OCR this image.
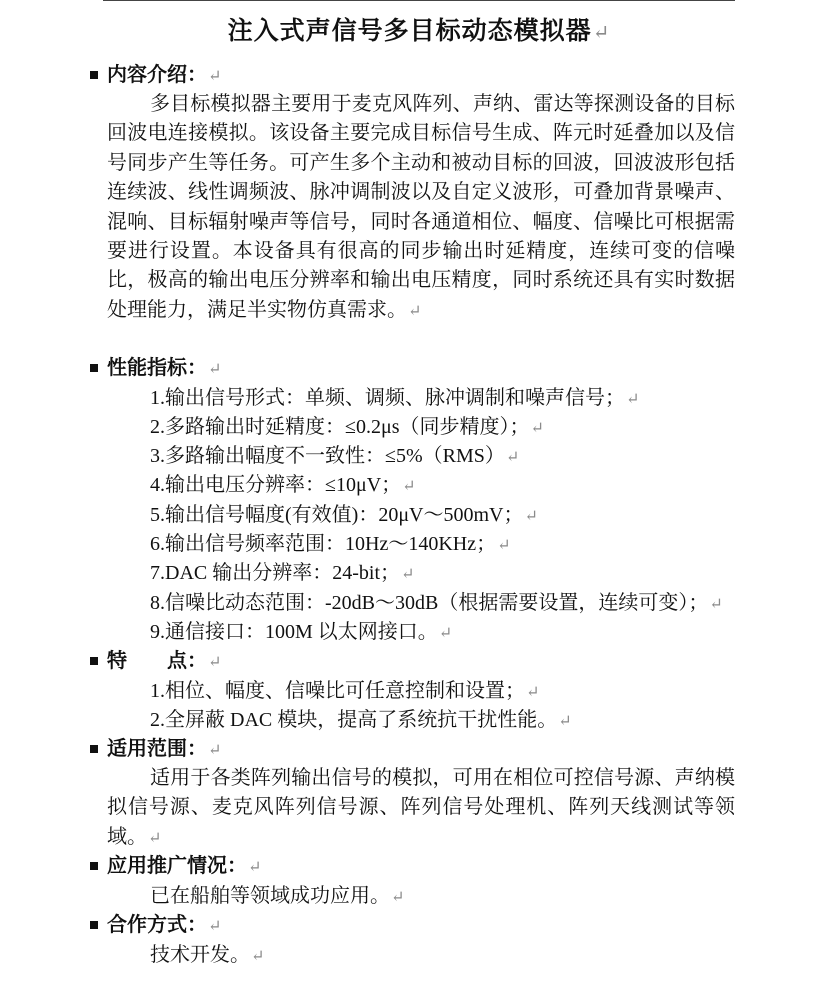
注入式声信号多目标动态模拟器↵
内容介绍：↵

多目标模拟器主要用于麦克风阵列、声纳、雷达等探测设备的目标回波电连接模拟。该设备主要完成目标信号生成、阵元时延叠加以及信号同步产生等任务。可产生多个主动和被动目标的回波，回波波形包括连续波、线性调频波、脉冲调制波以及自定义波形，可叠加背景噪声、混响、目标辐射噪声等信号，同时各通道相位、幅度、信噪比可根据需要进行设置。本设备具有很高的同步输出时延精度，连续可变的信噪比，极高的输出电压分辨率和输出电压精度，同时系统还具有实时数据处理能力，满足半实物仿真需求。↵

性能指标：↵
1.输出信号形式：单频、调频、脉冲调制和噪声信号；↵
2.多路输出时延精度：≤0.2μs（同步精度）；↵
3.多路输出幅度不一致性：≤5%（RMS）↵
4.输出电压分辨率：≤10μV；↵
5.输出信号幅度(有效值)：20μV～500mV；↵
6.输出信号频率范围：10Hz～140KHz；↵
7.DAC 输出分辨率：24-bit；↵
8.信噪比动态范围：-20dB～30dB（根据需要设置，连续可变）；↵
9.通信接口：100M 以太网接口。↵
特　　点：↵
1.相位、幅度、信噪比可任意控制和设置；↵
2.全屏蔽 DAC 模块，提高了系统抗干扰性能。↵
适用范围：↵

适用于各类阵列输出信号的模拟，可用在相位可控信号源、声纳模拟信号源、麦克风阵列信号源、阵列信号处理机、阵列天线测试等领域。↵

应用推广情况：↵
已在船舶等领域成功应用。↵
合作方式：↵
技术开发。↵
